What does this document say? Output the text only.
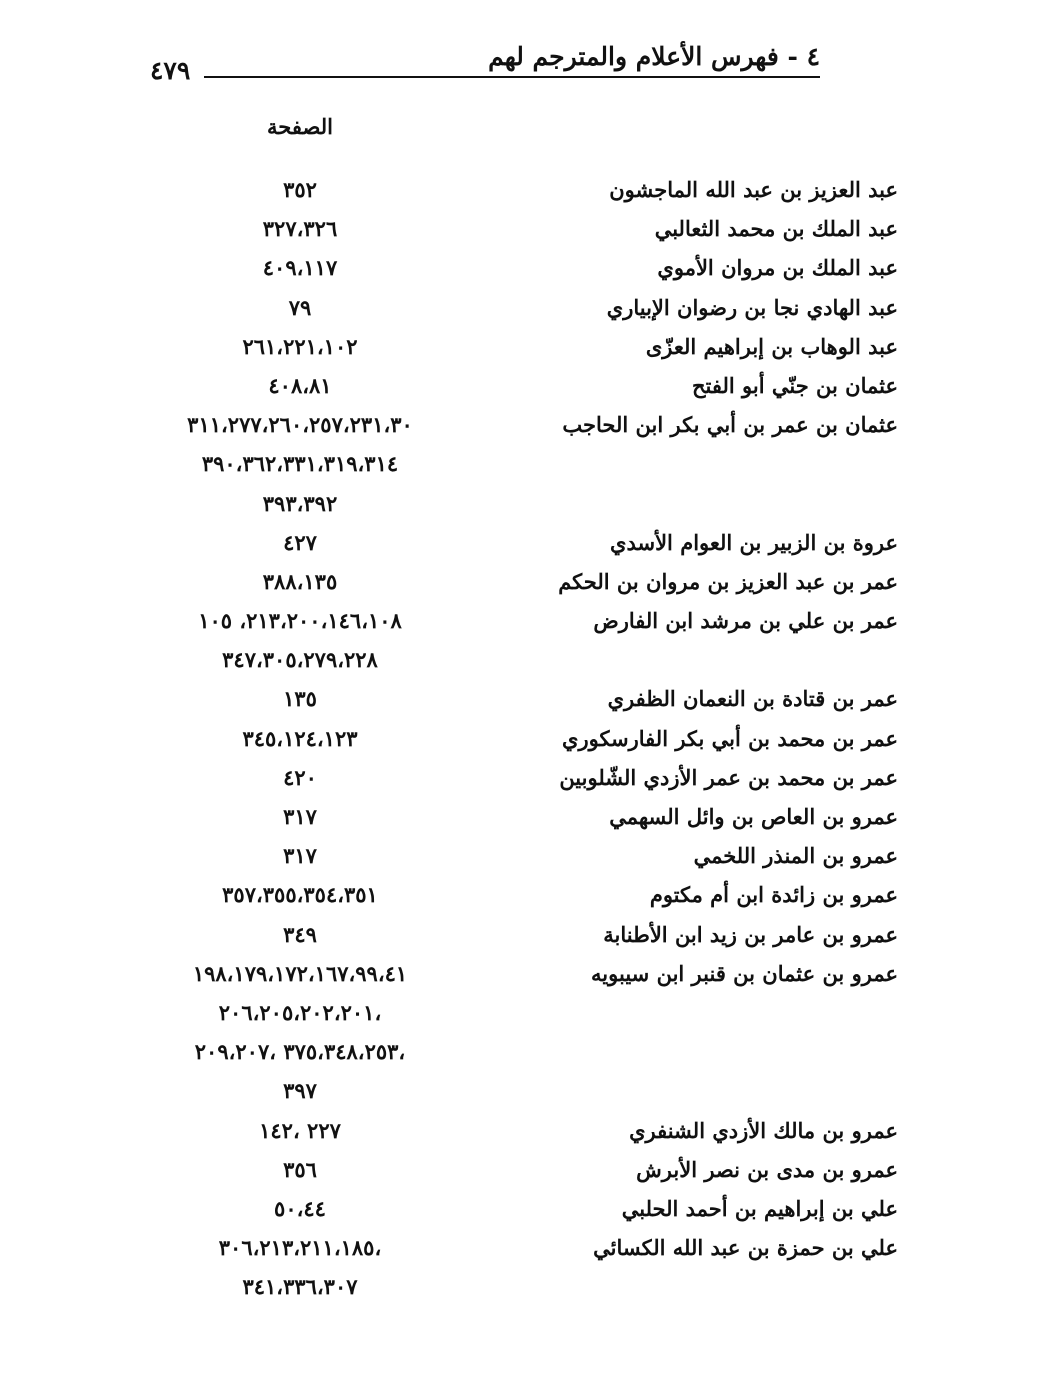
٤ - فهرس الأعلام والمترجم لهم
٤٧٩
الصفحة
عبد العزيز بن عبد الله الماجشون
٣٥٢
عبد الملك بن محمد الثعالبي
٣٢٧،٣٢٦
عبد الملك بن مروان الأموي
٤٠٩،١١٧
عبد الهادي نجا بن رضوان الإبياري
٧٩
عبد الوهاب بن إبراهيم العزّى
٢٦١،٢٢١،١٠٢
عثمان بن جنّي أبو الفتح
٤٠٨،٨١
عثمان بن عمر بن أبي بكر ابن الحاجب
٣١١،٢٧٧،٢٦٠،٢٥٧،٢٣١،٣٠
٣٩٠،٣٦٢،٣٣١،٣١٩،٣١٤
٣٩٣،٣٩٢
عروة بن الزبير بن العوام الأسدي
٤٢٧
عمر بن عبد العزيز بن مروان بن الحكم
٣٨٨،١٣٥
عمر بن علي بن مرشد ابن الفارض
٢١٣،٢٠٠،١٤٦،١٠٨، ١٠٥
٣٤٧،٣٠٥،٢٧٩،٢٢٨
عمر بن قتادة بن النعمان الظفري
١٣٥
عمر بن محمد بن أبي بكر الفارسكوري
٣٤٥،١٢٤،١٢٣
عمر بن محمد بن عمر الأزدي الشّلوبين
٤٢٠
عمرو بن العاص بن وائل السهمي
٣١٧
عمرو بن المنذر اللخمي
٣١٧
عمرو بن زائدة ابن أم مكتوم
٣٥٧،٣٥٥،٣٥٤،٣٥١
عمرو بن عامر بن زيد ابن الأطنابة
٣٤٩
عمرو بن عثمان بن قنبر ابن سيبويه
١٩٨،١٧٩،١٧٢،١٦٧،٩٩،٤١
،٢٠٦،٢٠٥،٢٠٢،٢٠١
،٣٧٥،٣٤٨،٢٥٣ ،٢٠٩،٢٠٧
٣٩٧
عمرو بن مالك الأزدي الشنفري
٢٢٧ ،١٤٢
عمرو بن مدى بن نصر الأبرش
٣٥٦
علي بن إبراهيم بن أحمد الحلبي
٥٠،٤٤
علي بن حمزة بن عبد الله الكسائي
،٣٠٦،٢١٣،٢١١،١٨٥
٣٤١،٣٣٦،٣٠٧
